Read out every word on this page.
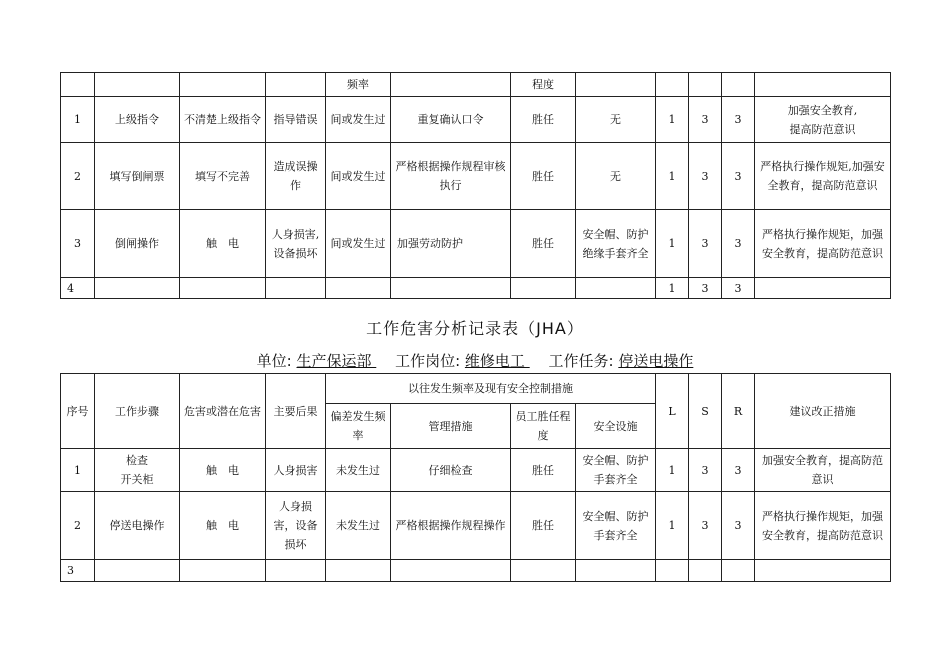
				频率		程度					
1	上级指令	不清楚上级指令	指导错误	间或发生过	重复确认口令	胜任	无	1	3	3	加强安全教育,
提高防范意识
2	填写倒闸票	填写不完善	造成误操作	间或发生过	严格根据操作规程审核执行	胜任	无	1	3	3	严格执行操作规矩,加强安全教育，提高防范意识
3	倒闸操作	触　电	人身损害,设备损坏	间或发生过	加强劳动防护	胜任	安全帽、防护绝缘手套齐全	1	3	3	严格执行操作规矩，加强安全教育，提高防范意识
4								1	3	3	
工作危害分析记录表（JHA）
单位: 生产保运部  工作岗位: 维修电工  工作任务: 停送电操作
序号	工作步骤	危害或潜在危害	主要后果	以往发生频率及现有安全控制措施				L	S	R	建议改正措施
				偏差发生频率	管理措施	员工胜任程度	安全设施				
1	检查
开关柜	触　电	人身损害	未发生过	仔细检查	胜任	安全帽、防护手套齐全	1	3	3	加强安全教育，提高防范意识
2	停送电操作	触　电	人身损害，设备损坏	未发生过	严格根据操作规程操作	胜任	安全帽、防护手套齐全	1	3	3	严格执行操作规矩，加强安全教育，提高防范意识
3											
